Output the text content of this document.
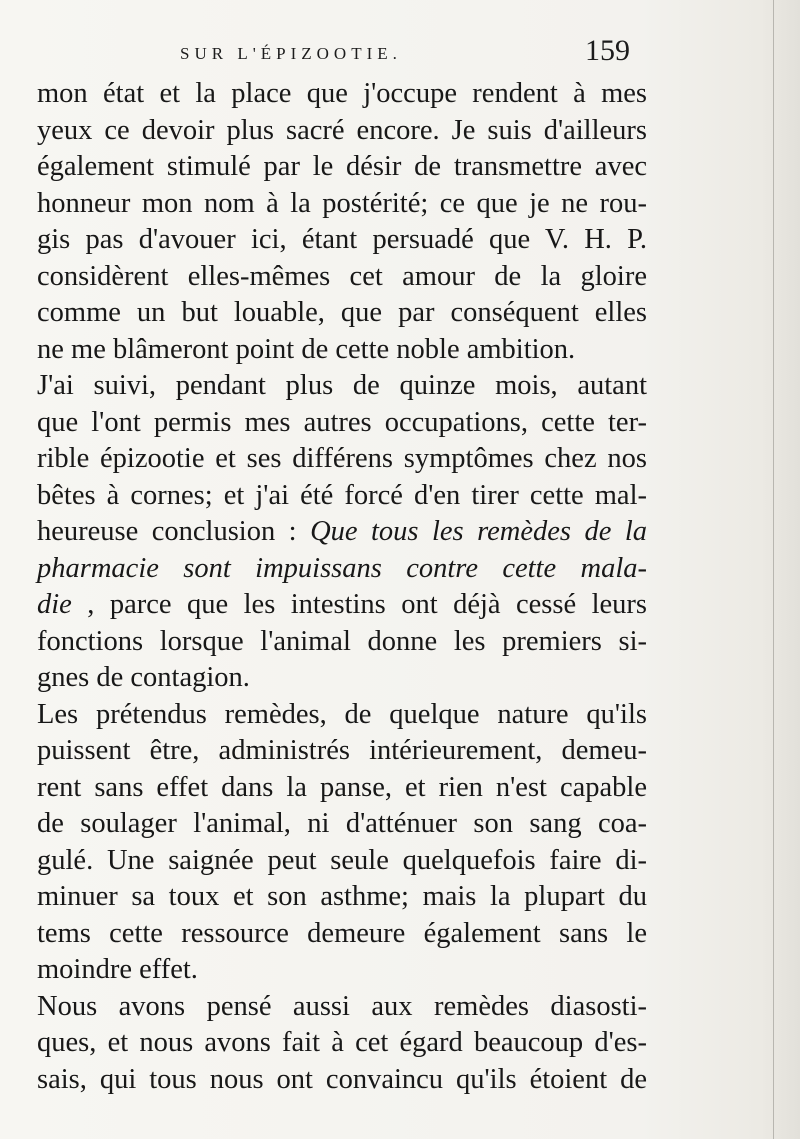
SUR L'ÉPIZOOTIE.	159
mon état et la place que j'occupe rendent à mes
yeux ce devoir plus sacré encore. Je suis d'ailleurs
également stimulé par le désir de transmettre avec
honneur mon nom à la postérité; ce que je ne rou-
gis pas d'avouer ici, étant persuadé que V. H. P.
considèrent elles-mêmes cet amour de la gloire
comme un but louable, que par conséquent elles
ne me blâmeront point de cette noble ambition.
J'ai suivi, pendant plus de quinze mois, autant
que l'ont permis mes autres occupations, cette ter-
rible épizootie et ses différens symptômes chez nos
bêtes à cornes; et j'ai été forcé d'en tirer cette mal-
heureuse conclusion : Que tous les remèdes de la
pharmacie sont impuissans contre cette mala-
die , parce que les intestins ont déjà cessé leurs
fonctions lorsque l'animal donne les premiers si-
gnes de contagion.
Les prétendus remèdes, de quelque nature qu'ils
puissent être, administrés intérieurement, demeu-
rent sans effet dans la panse, et rien n'est capable
de soulager l'animal, ni d'atténuer son sang coa-
gulé. Une saignée peut seule quelquefois faire di-
minuer sa toux et son asthme; mais la plupart du
tems cette ressource demeure également sans le
moindre effet.
Nous avons pensé aussi aux remèdes diasosti-
ques, et nous avons fait à cet égard beaucoup d'es-
sais, qui tous nous ont convaincu qu'ils étoient de
